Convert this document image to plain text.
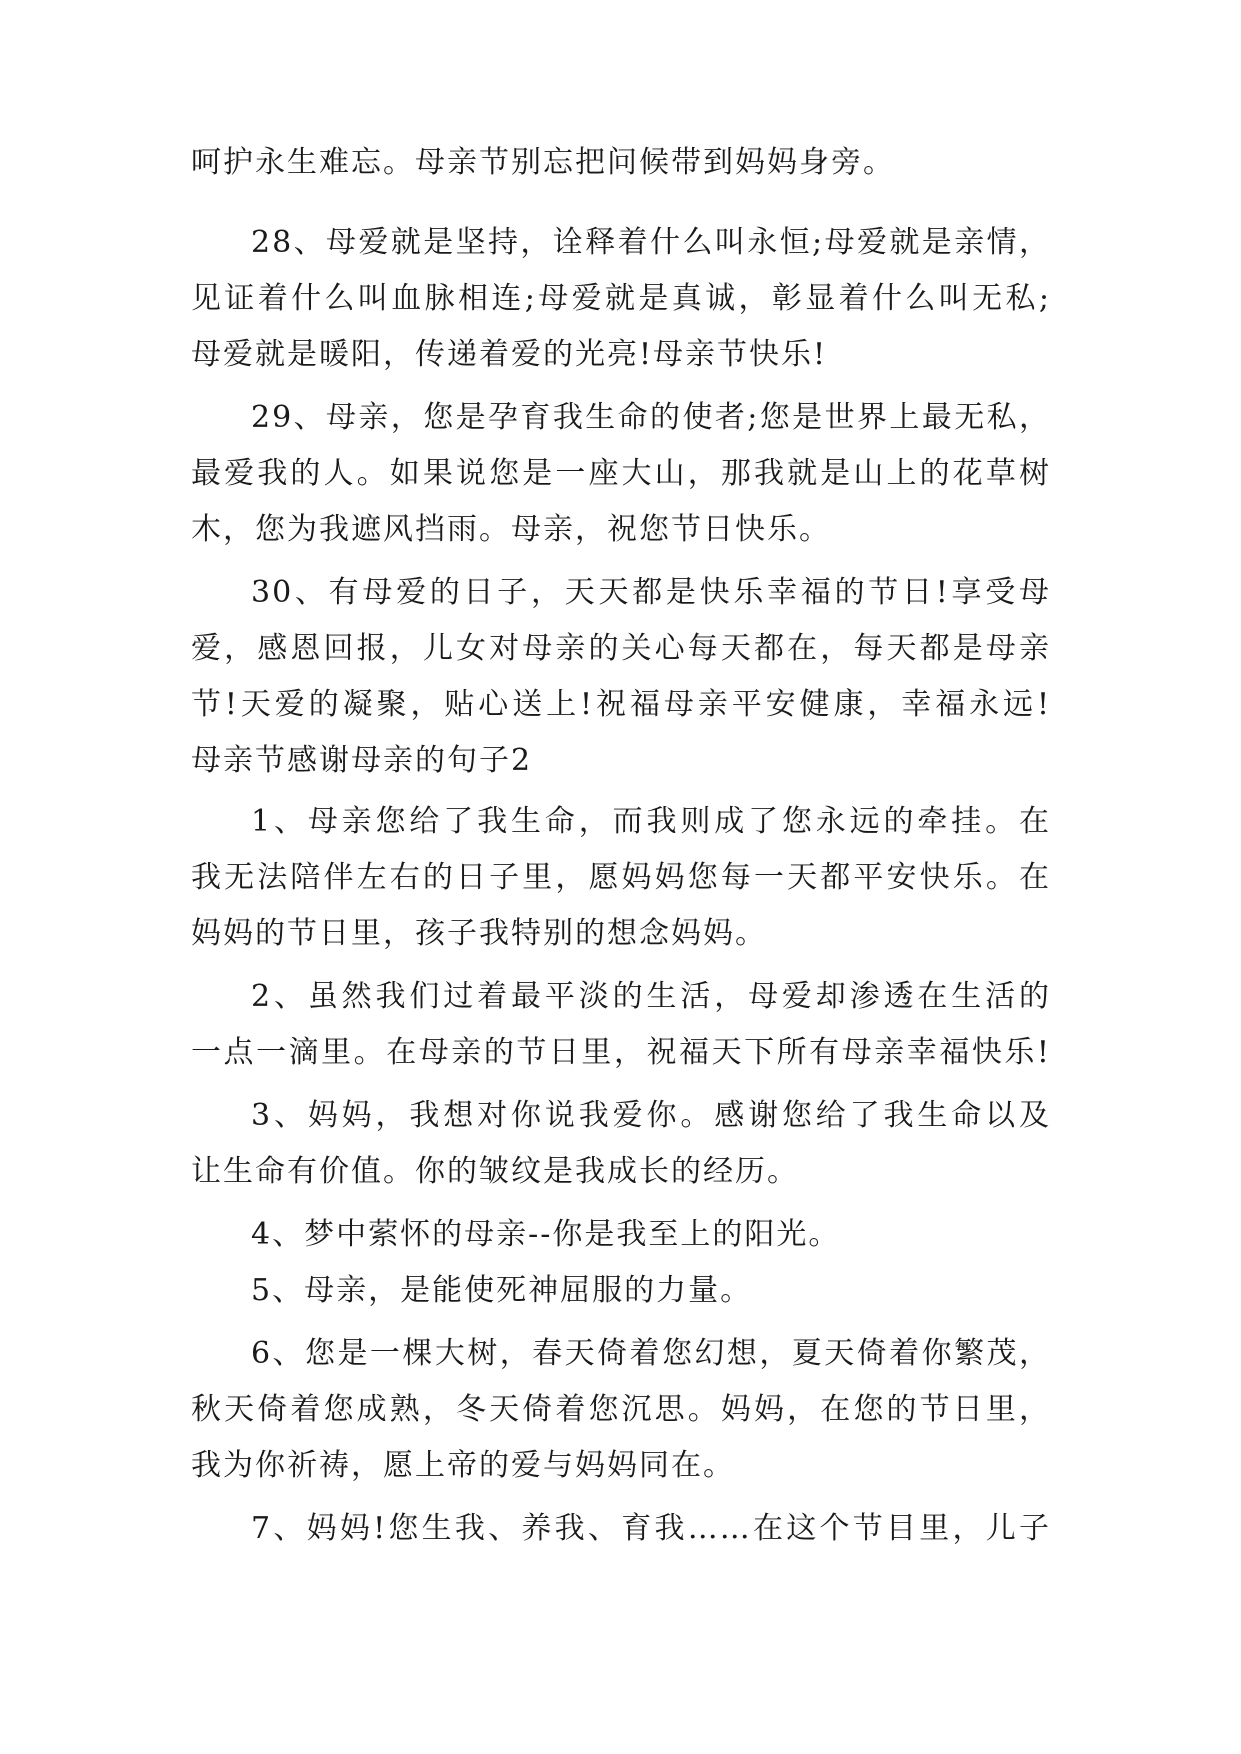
呵护永生难忘。母亲节别忘把问候带到妈妈身旁。
28、母爱就是坚持，诠释着什么叫永恒;母爱就是亲情，
见证着什么叫血脉相连;母爱就是真诚，彰显着什么叫无私;
母爱就是暖阳，传递着爱的光亮!母亲节快乐!
29、母亲，您是孕育我生命的使者;您是世界上最无私，
最爱我的人。如果说您是一座大山，那我就是山上的花草树
木，您为我遮风挡雨。母亲，祝您节日快乐。
30、有母爱的日子，天天都是快乐幸福的节日!享受母
爱，感恩回报，儿女对母亲的关心每天都在，每天都是母亲
节!天爱的凝聚，贴心送上!祝福母亲平安健康，幸福永远!
母亲节感谢母亲的句子2
1、母亲您给了我生命，而我则成了您永远的牵挂。在
我无法陪伴左右的日子里，愿妈妈您每一天都平安快乐。在
妈妈的节日里，孩子我特别的想念妈妈。
2、虽然我们过着最平淡的生活，母爱却渗透在生活的
一点一滴里。在母亲的节日里，祝福天下所有母亲幸福快乐!
3、妈妈，我想对你说我爱你。感谢您给了我生命以及
让生命有价值。你的皱纹是我成长的经历。
4、梦中萦怀的母亲--你是我至上的阳光。
5、母亲，是能使死神屈服的力量。
6、您是一棵大树，春天倚着您幻想，夏天倚着你繁茂，
秋天倚着您成熟，冬天倚着您沉思。妈妈，在您的节日里，
我为你祈祷，愿上帝的爱与妈妈同在。
7、妈妈!您生我、养我、育我……在这个节目里，儿子
